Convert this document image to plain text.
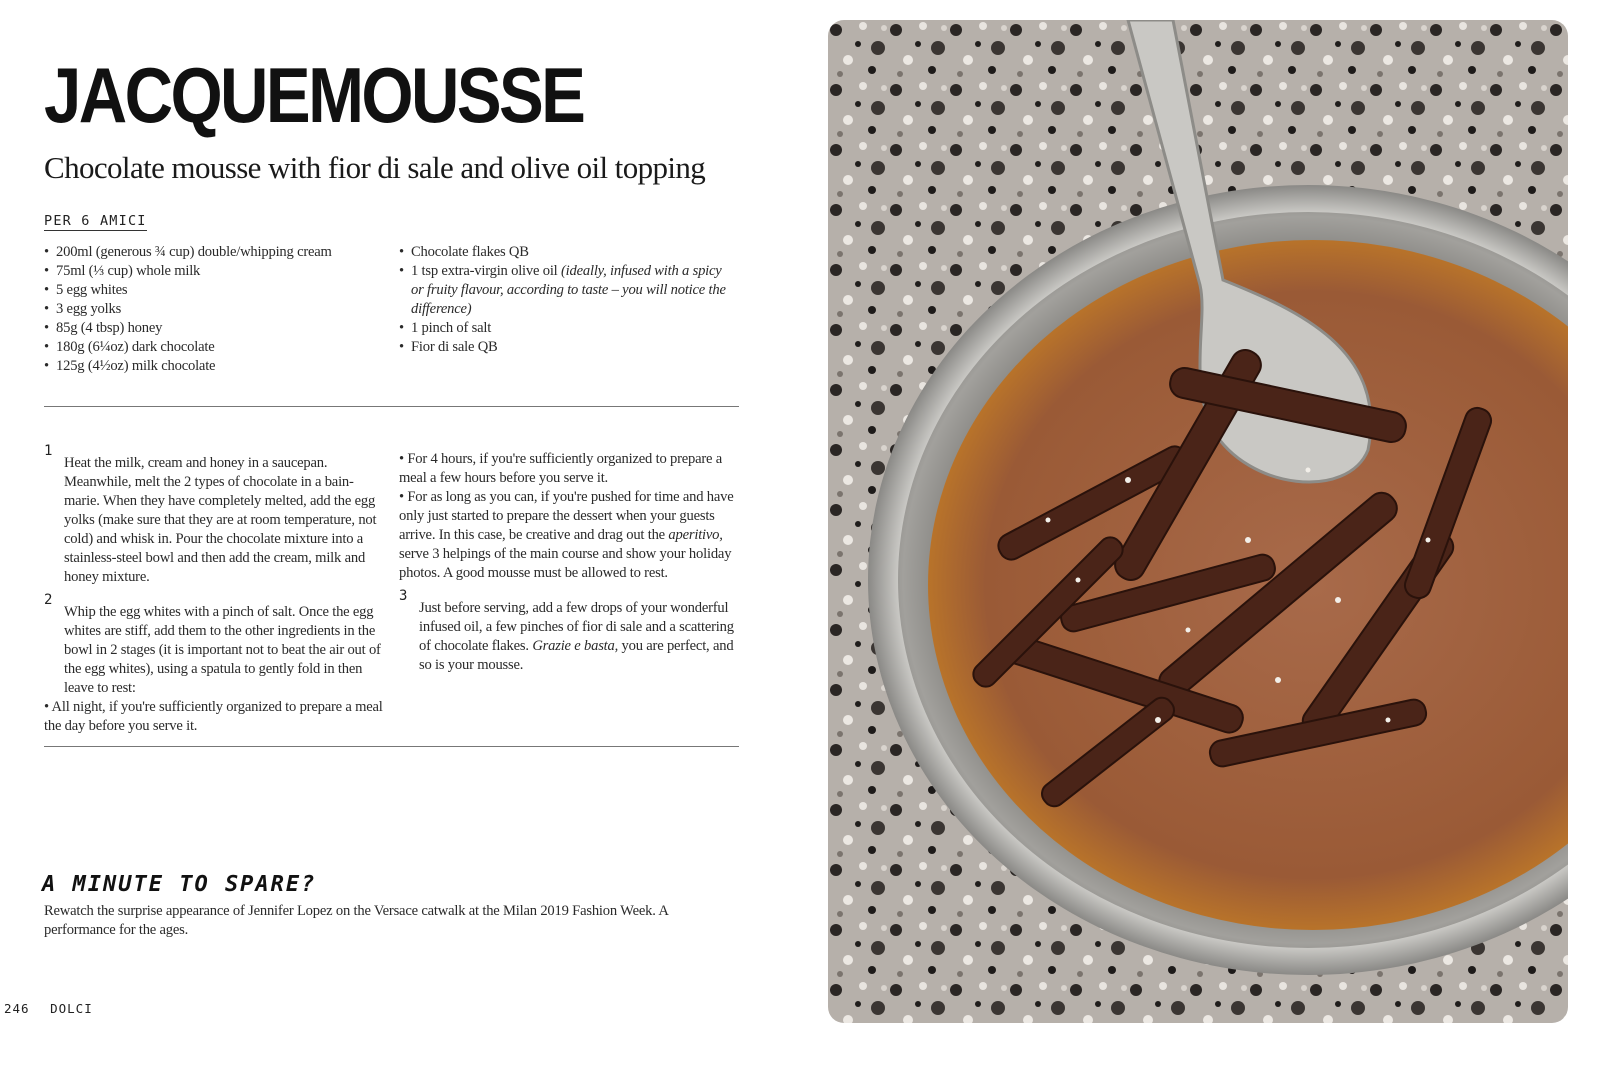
JACQUEMOUSSE
Chocolate mousse with fior di sale and olive oil topping
PER 6 AMICI
• 200ml (generous ¾ cup) double/whipping cream
• 75ml (⅓ cup) whole milk
• 5 egg whites
• 3 egg yolks
• 85g (4 tbsp) honey
• 180g (6¼oz) dark chocolate
• 125g (4½oz) milk chocolate
• Chocolate flakes QB
• 1 tsp extra-virgin olive oil (ideally, infused with a spicy or fruity flavour, according to taste – you will notice the difference)
• 1 pinch of salt
• Fior di sale QB
1

Heat the milk, cream and honey in a saucepan. Meanwhile, melt the 2 types of chocolate in a bain-marie. When they have completely melted, add the egg yolks (make sure that they are at room temperature, not cold) and whisk in. Pour the chocolate mixture into a stainless-steel bowl and then add the cream, milk and honey mixture.

2

Whip the egg whites with a pinch of salt. Once the egg whites are stiff, add them to the other ingredients in the bowl in 2 stages (it is important not to beat the air out of the egg whites), using a spatula to gently fold in then leave to rest:

• All night, if you're sufficiently organized to prepare a meal the day before you serve it.

• For 4 hours, if you're sufficiently organized to prepare a meal a few hours before you serve it.

• For as long as you can, if you're pushed for time and have only just started to prepare the dessert when your guests arrive. In this case, be creative and drag out the aperitivo, serve 3 helpings of the main course and show your holiday photos. A good mousse must be allowed to rest.

3

Just before serving, add a few drops of your wonderful infused oil, a few pinches of fior di sale and a scattering of chocolate flakes. Grazie e basta, you are perfect, and so is your mousse.

A MINUTE TO SPARE?
Rewatch the surprise appearance of Jennifer Lopez on the Versace catwalk at the Milan 2019 Fashion Week. A performance for the ages.
246 DOLCI
